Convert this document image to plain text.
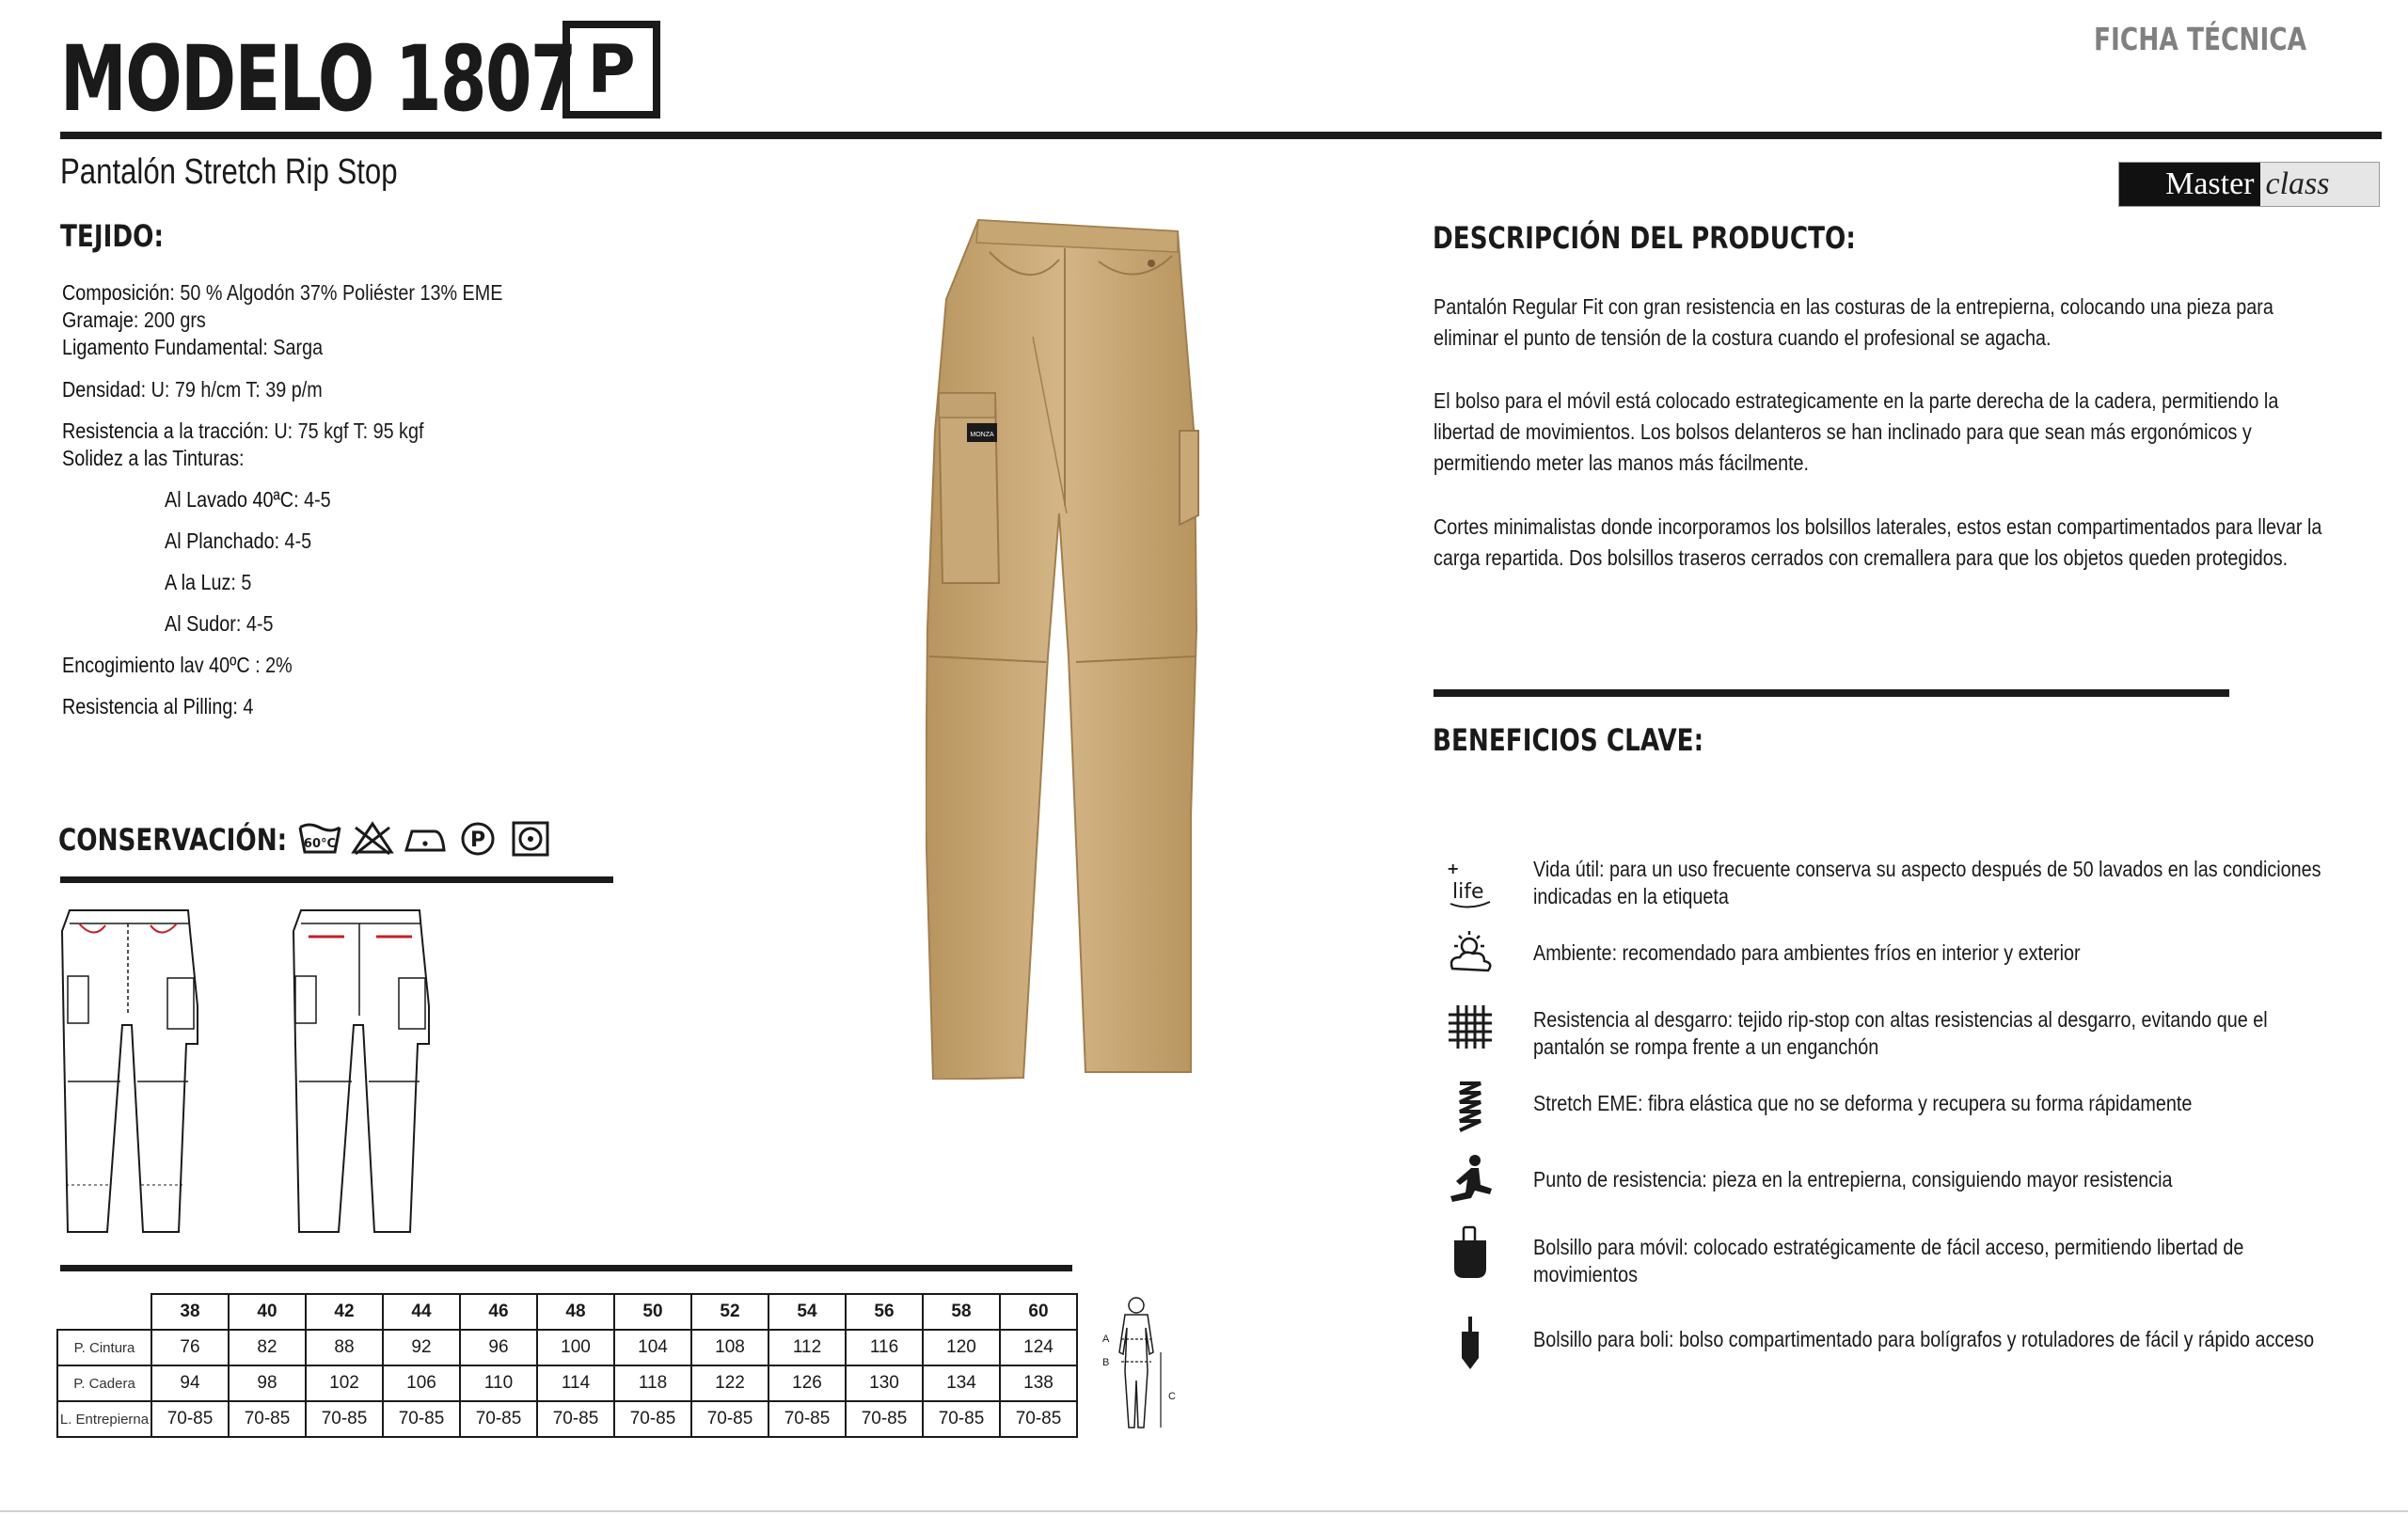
MODELO 1807 P	FICHA TÉCNICA
Pantalón Stretch Rip Stop	Master class
TEJIDO:
Composición: 50 % Algodón 37% Poliéster 13% EME
Gramaje: 200 grs
Ligamento Fundamental: Sarga
Densidad: U: 79 h/cm T: 39 p/m
Resistencia a la tracción: U: 75 kgf T: 95 kgf
Solidez a las Tinturas:
Al Lavado 40ªC: 4-5
Al Planchado: 4-5
A la Luz: 5
Al Sudor: 4-5
Encogimiento lav 40ºC : 2%
Resistencia al Pilling: 4
CONSERVACIÓN:	60°C	P
	38	40	42	44	46	48	50	52	54	56	58	60
P. Cintura	76	82	88	92	96	100	104	108	112	116	120	124
P. Cadera	94	98	102	106	110	114	118	122	126	130	134	138
L. Entrepierna	70-85	70-85	70-85	70-85	70-85	70-85	70-85	70-85	70-85	70-85	70-85	70-85
A
B
C
MONZA
DESCRIPCIÓN DEL PRODUCTO:
Pantalón Regular Fit con gran resistencia en las costuras de la entrepierna, colocando una pieza para eliminar el punto de tensión de la costura cuando el profesional se agacha.
El bolso para el móvil está colocado estrategicamente en la parte derecha de la cadera, permitiendo la libertad de movimientos. Los bolsos delanteros se han inclinado para que sean más ergonómicos y permitiendo meter las manos más fácilmente.
Cortes minimalistas donde incorporamos los bolsillos laterales, estos estan compartimentados para llevar la carga repartida. Dos bolsillos traseros cerrados con cremallera para que los objetos queden protegidos.
BENEFICIOS CLAVE:
+
life
Vida útil: para un uso frecuente conserva su aspecto después de 50 lavados en las condiciones indicadas en la etiqueta
Ambiente: recomendado para ambientes fríos en interior y exterior
Resistencia al desgarro: tejido rip-stop con altas resistencias al desgarro, evitando que el pantalón se rompa frente a un enganchón
Stretch EME: fibra elástica que no se deforma y recupera su forma rápidamente
Punto de resistencia: pieza en la entrepierna, consiguiendo mayor resistencia
Bolsillo para móvil: colocado estratégicamente de fácil acceso, permitiendo libertad de movimientos
Bolsillo para boli: bolso compartimentado para bolígrafos y rotuladores de fácil y rápido acceso
